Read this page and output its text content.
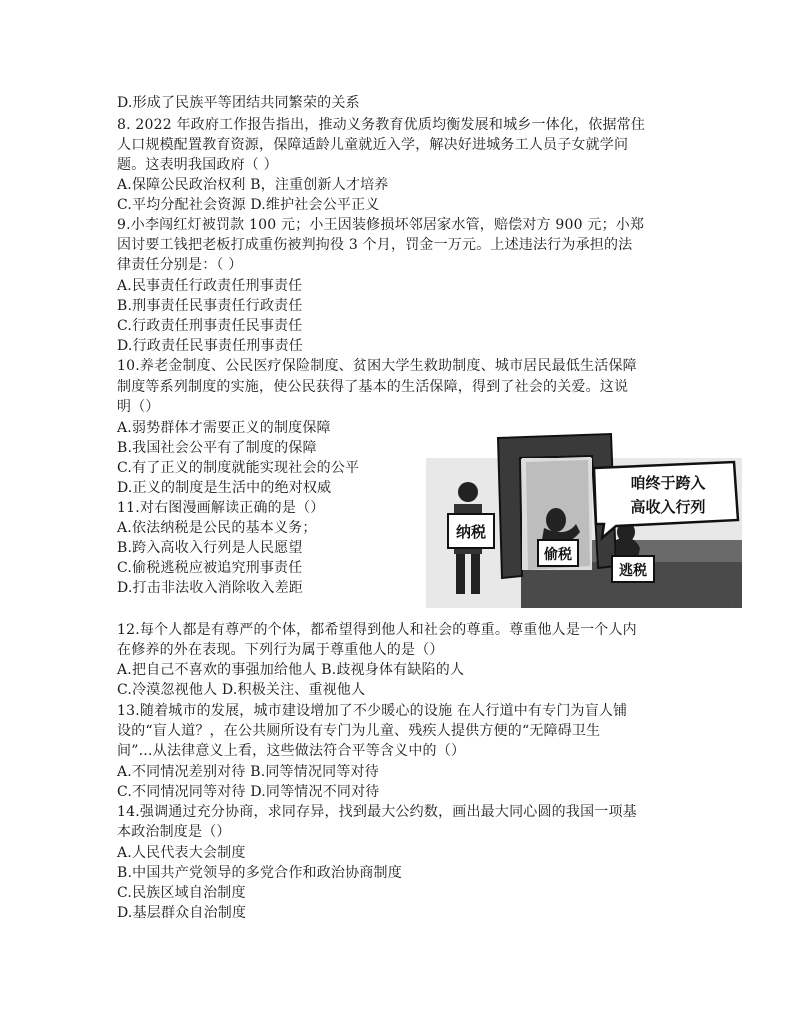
D.形成了民族平等团结共同繁荣的关系
8. 2022 年政府工作报告指出，推动义务教育优质均衡发展和城乡一体化，依据常住
人口规模配置教育资源，保障适龄儿童就近入学，解决好进城务工人员子女就学问
题。这表明我国政府（ ）
A.保障公民政治权利 B，注重创新人才培养
C.平均分配社会资源 D.维护社会公平正义
9.小李闯红灯被罚款 100 元；小王因装修损坏邻居家水管，赔偿对方 900 元；小郑
因讨要工钱把老板打成重伤被判拘役 3 个月，罚金一万元。上述违法行为承担的法
律责任分别是：（ ）
A.民事责任行政责任刑事责任
B.刑事责任民事责任行政责任
C.行政责任刑事责任民事责任
D.行政责任民事责任刑事责任
10.养老金制度、公民医疗保险制度、贫困大学生救助制度、城市居民最低生活保障
制度等系列制度的实施，使公民获得了基本的生活保障，得到了社会的关爱。这说
明（）
A.弱势群体才需要正义的制度保障
B.我国社会公平有了制度的保障
C.有了正义的制度就能实现社会的公平
D.正义的制度是生活中的绝对权威
11.对右图漫画解读正确的是（）
A.依法纳税是公民的基本义务；
B.跨入高收入行列是人民愿望
C.偷税逃税应被追究刑事责任
D.打击非法收入消除收入差距
12.每个人都是有尊严的个体，都希望得到他人和社会的尊重。尊重他人是一个人内
在修养的外在表现。下列行为属于尊重他人的是（）
A.把自己不喜欢的事强加给他人 B.歧视身体有缺陷的人
C.冷漠忽视他人 D.积极关注、重视他人
13.随着城市的发展，城市建设增加了不少暖心的设施 在人行道中有专门为盲人铺
设的“盲人道？，在公共厕所设有专门为儿童、残疾人提供方便的“无障碍卫生
间”…从法律意义上看，这些做法符合平等含义中的（）
A.不同情况差别对待 B.同等情况同等对待
C.不同情况同等对待 D.同等情况不同对待
14.强调通过充分协商，求同存异，找到最大公约数，画出最大同心圆的我国一项基
本政治制度是（）
A.人民代表大会制度
B.中国共产党领导的多党合作和政治协商制度
C.民族区域自治制度
D.基层群众自治制度
纳税
偷税
逃税
咱终于跨入
高收入行列
